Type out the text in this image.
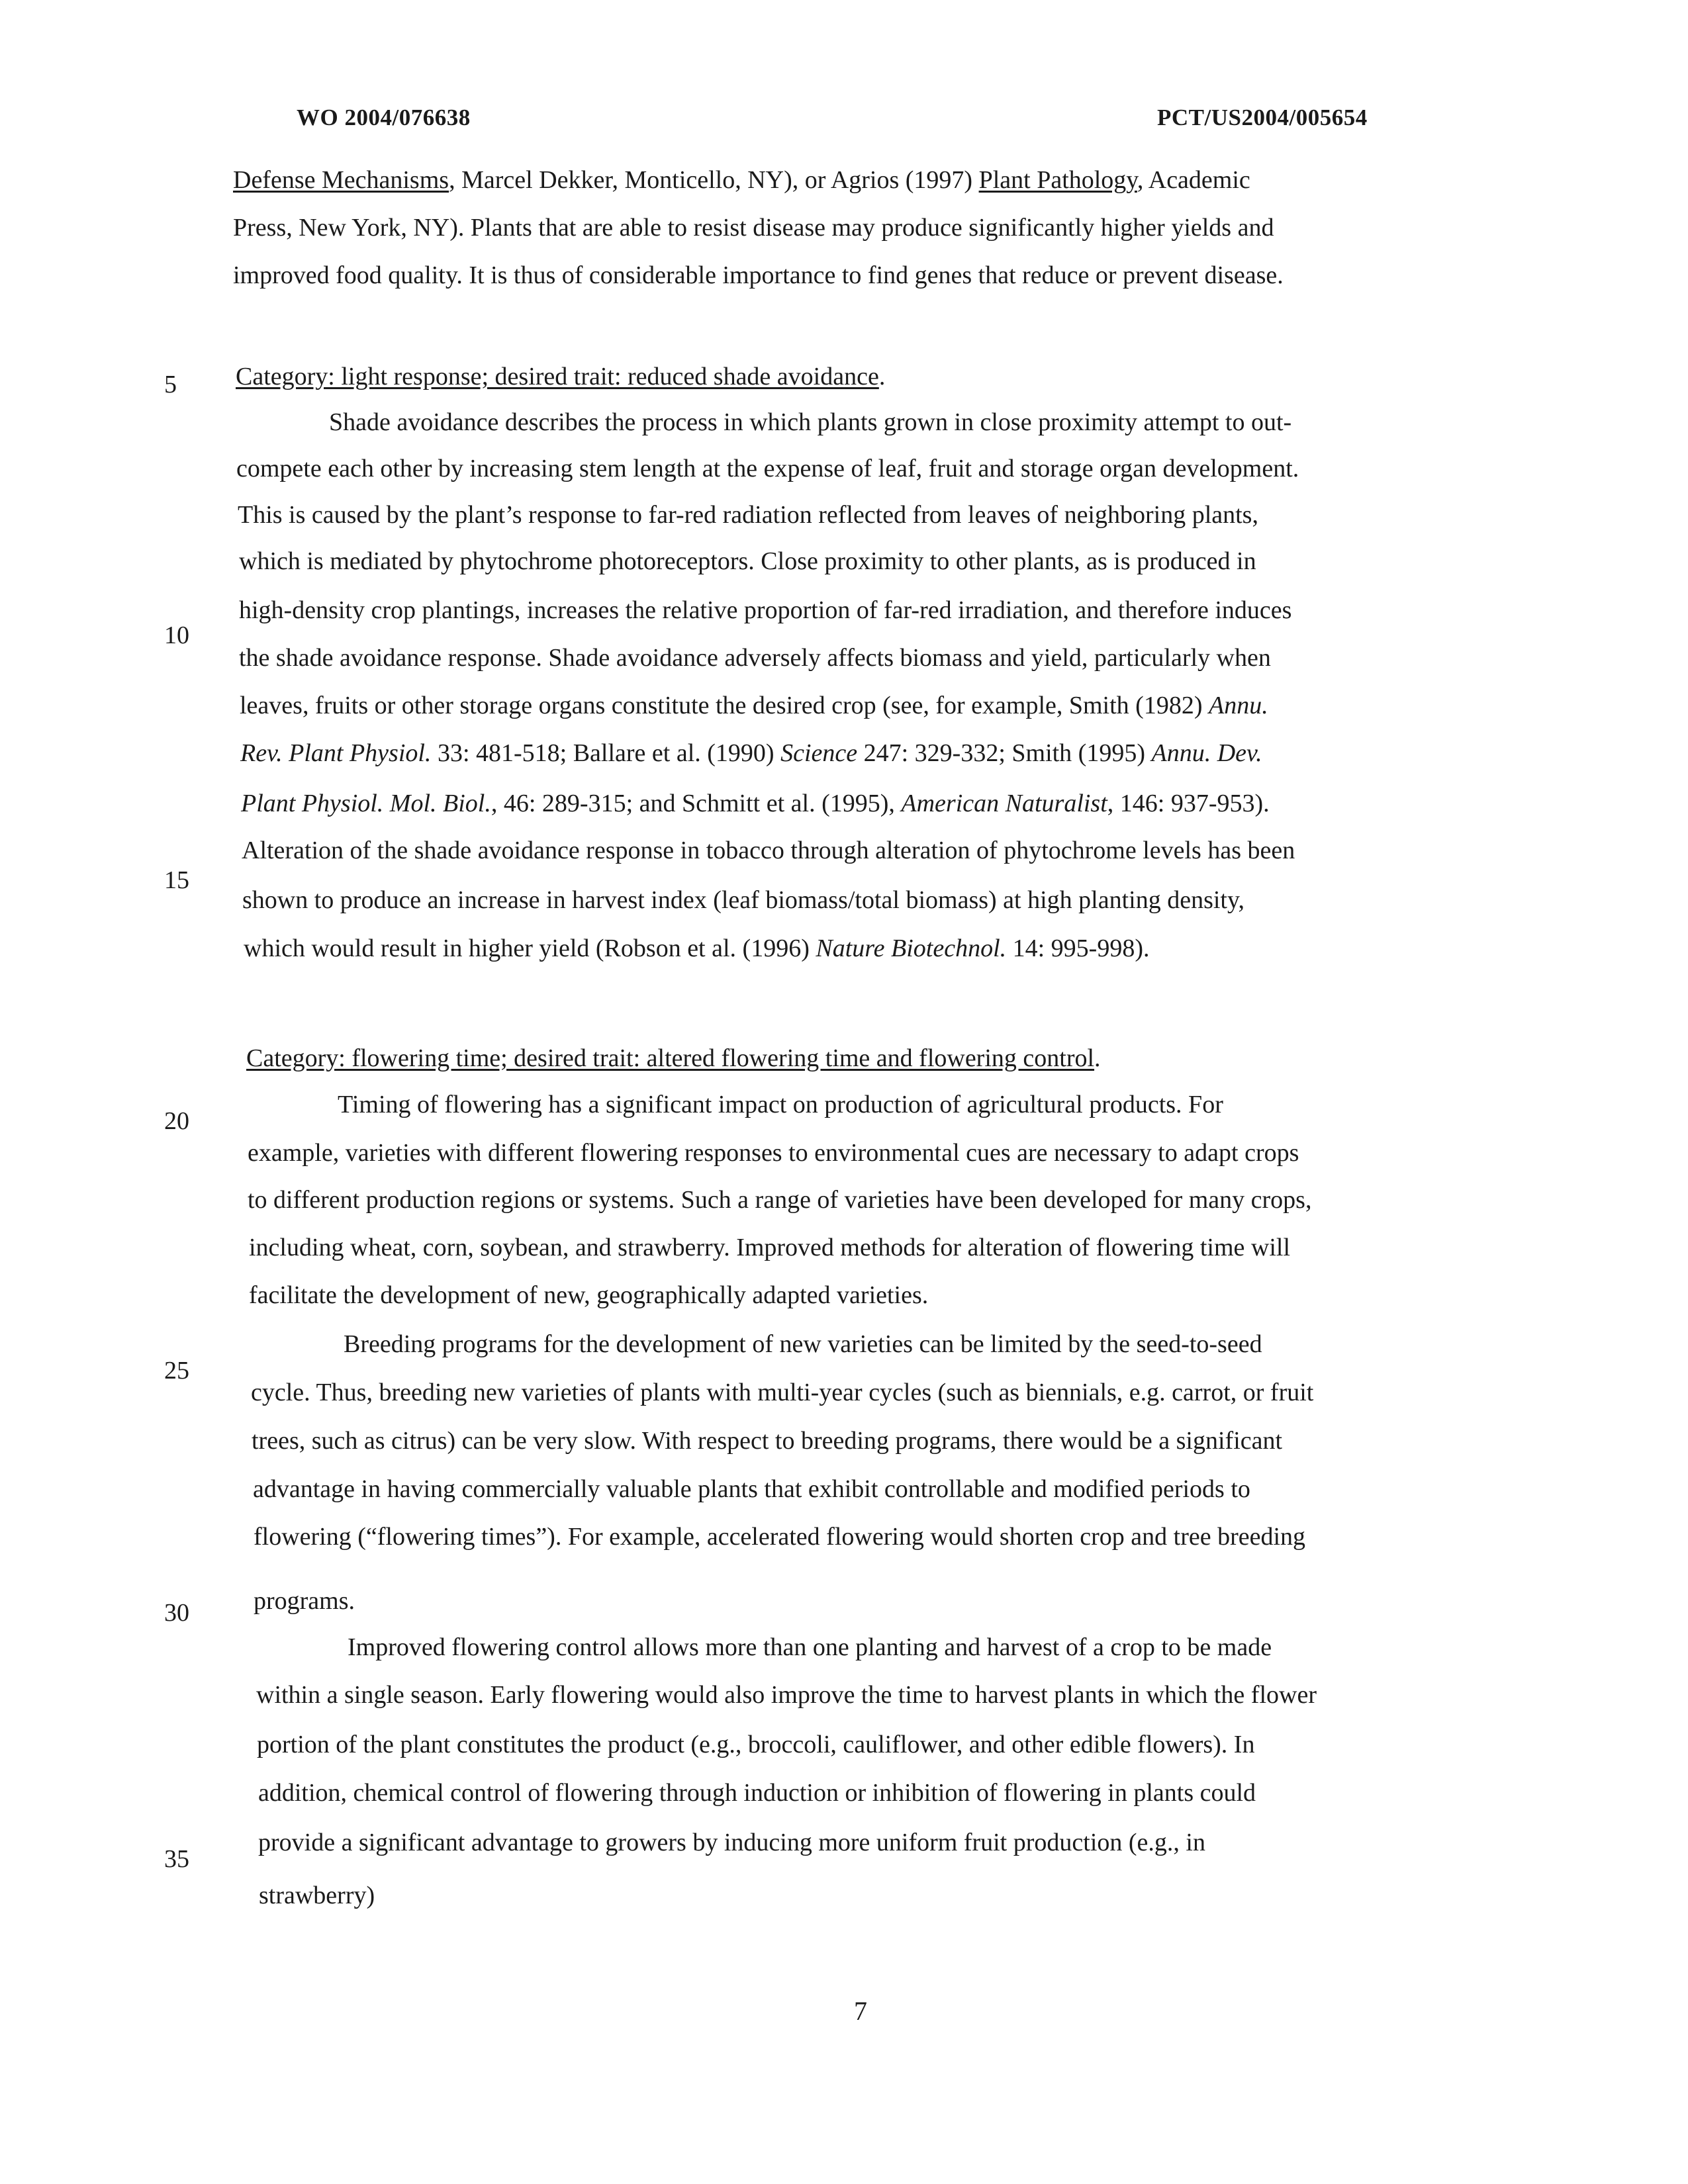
WO 2004/076638	PCT/US2004/005654
5
10
15
20
25
30
35
Defense Mechanisms, Marcel Dekker, Monticello, NY), or Agrios (1997) Plant Pathology, Academic
Press, New York, NY). Plants that are able to resist disease may produce significantly higher yields and
improved food quality. It is thus of considerable importance to find genes that reduce or prevent disease.
Category: light response; desired trait: reduced shade avoidance.
Shade avoidance describes the process in which plants grown in close proximity attempt to out-
compete each other by increasing stem length at the expense of leaf, fruit and storage organ development.
This is caused by the plant’s response to far-red radiation reflected from leaves of neighboring plants,
which is mediated by phytochrome photoreceptors. Close proximity to other plants, as is produced in
high-density crop plantings, increases the relative proportion of far-red irradiation, and therefore induces
the shade avoidance response. Shade avoidance adversely affects biomass and yield, particularly when
leaves, fruits or other storage organs constitute the desired crop (see, for example, Smith (1982) Annu.
Rev. Plant Physiol. 33: 481-518; Ballare et al. (1990) Science 247: 329-332; Smith (1995) Annu. Dev.
Plant Physiol. Mol. Biol., 46: 289-315; and Schmitt et al. (1995), American Naturalist, 146: 937-953).
Alteration of the shade avoidance response in tobacco through alteration of phytochrome levels has been
shown to produce an increase in harvest index (leaf biomass/total biomass) at high planting density,
which would result in higher yield (Robson et al. (1996) Nature Biotechnol. 14: 995-998).
Category: flowering time; desired trait: altered flowering time and flowering control.
Timing of flowering has a significant impact on production of agricultural products. For
example, varieties with different flowering responses to environmental cues are necessary to adapt crops
to different production regions or systems. Such a range of varieties have been developed for many crops,
including wheat, corn, soybean, and strawberry. Improved methods for alteration of flowering time will
facilitate the development of new, geographically adapted varieties.
Breeding programs for the development of new varieties can be limited by the seed-to-seed
cycle. Thus, breeding new varieties of plants with multi-year cycles (such as biennials, e.g. carrot, or fruit
trees, such as citrus) can be very slow. With respect to breeding programs, there would be a significant
advantage in having commercially valuable plants that exhibit controllable and modified periods to
flowering (“flowering times”). For example, accelerated flowering would shorten crop and tree breeding
programs.
Improved flowering control allows more than one planting and harvest of a crop to be made
within a single season. Early flowering would also improve the time to harvest plants in which the flower
portion of the plant constitutes the product (e.g., broccoli, cauliflower, and other edible flowers). In
addition, chemical control of flowering through induction or inhibition of flowering in plants could
provide a significant advantage to growers by inducing more uniform fruit production (e.g., in
strawberry)
7
